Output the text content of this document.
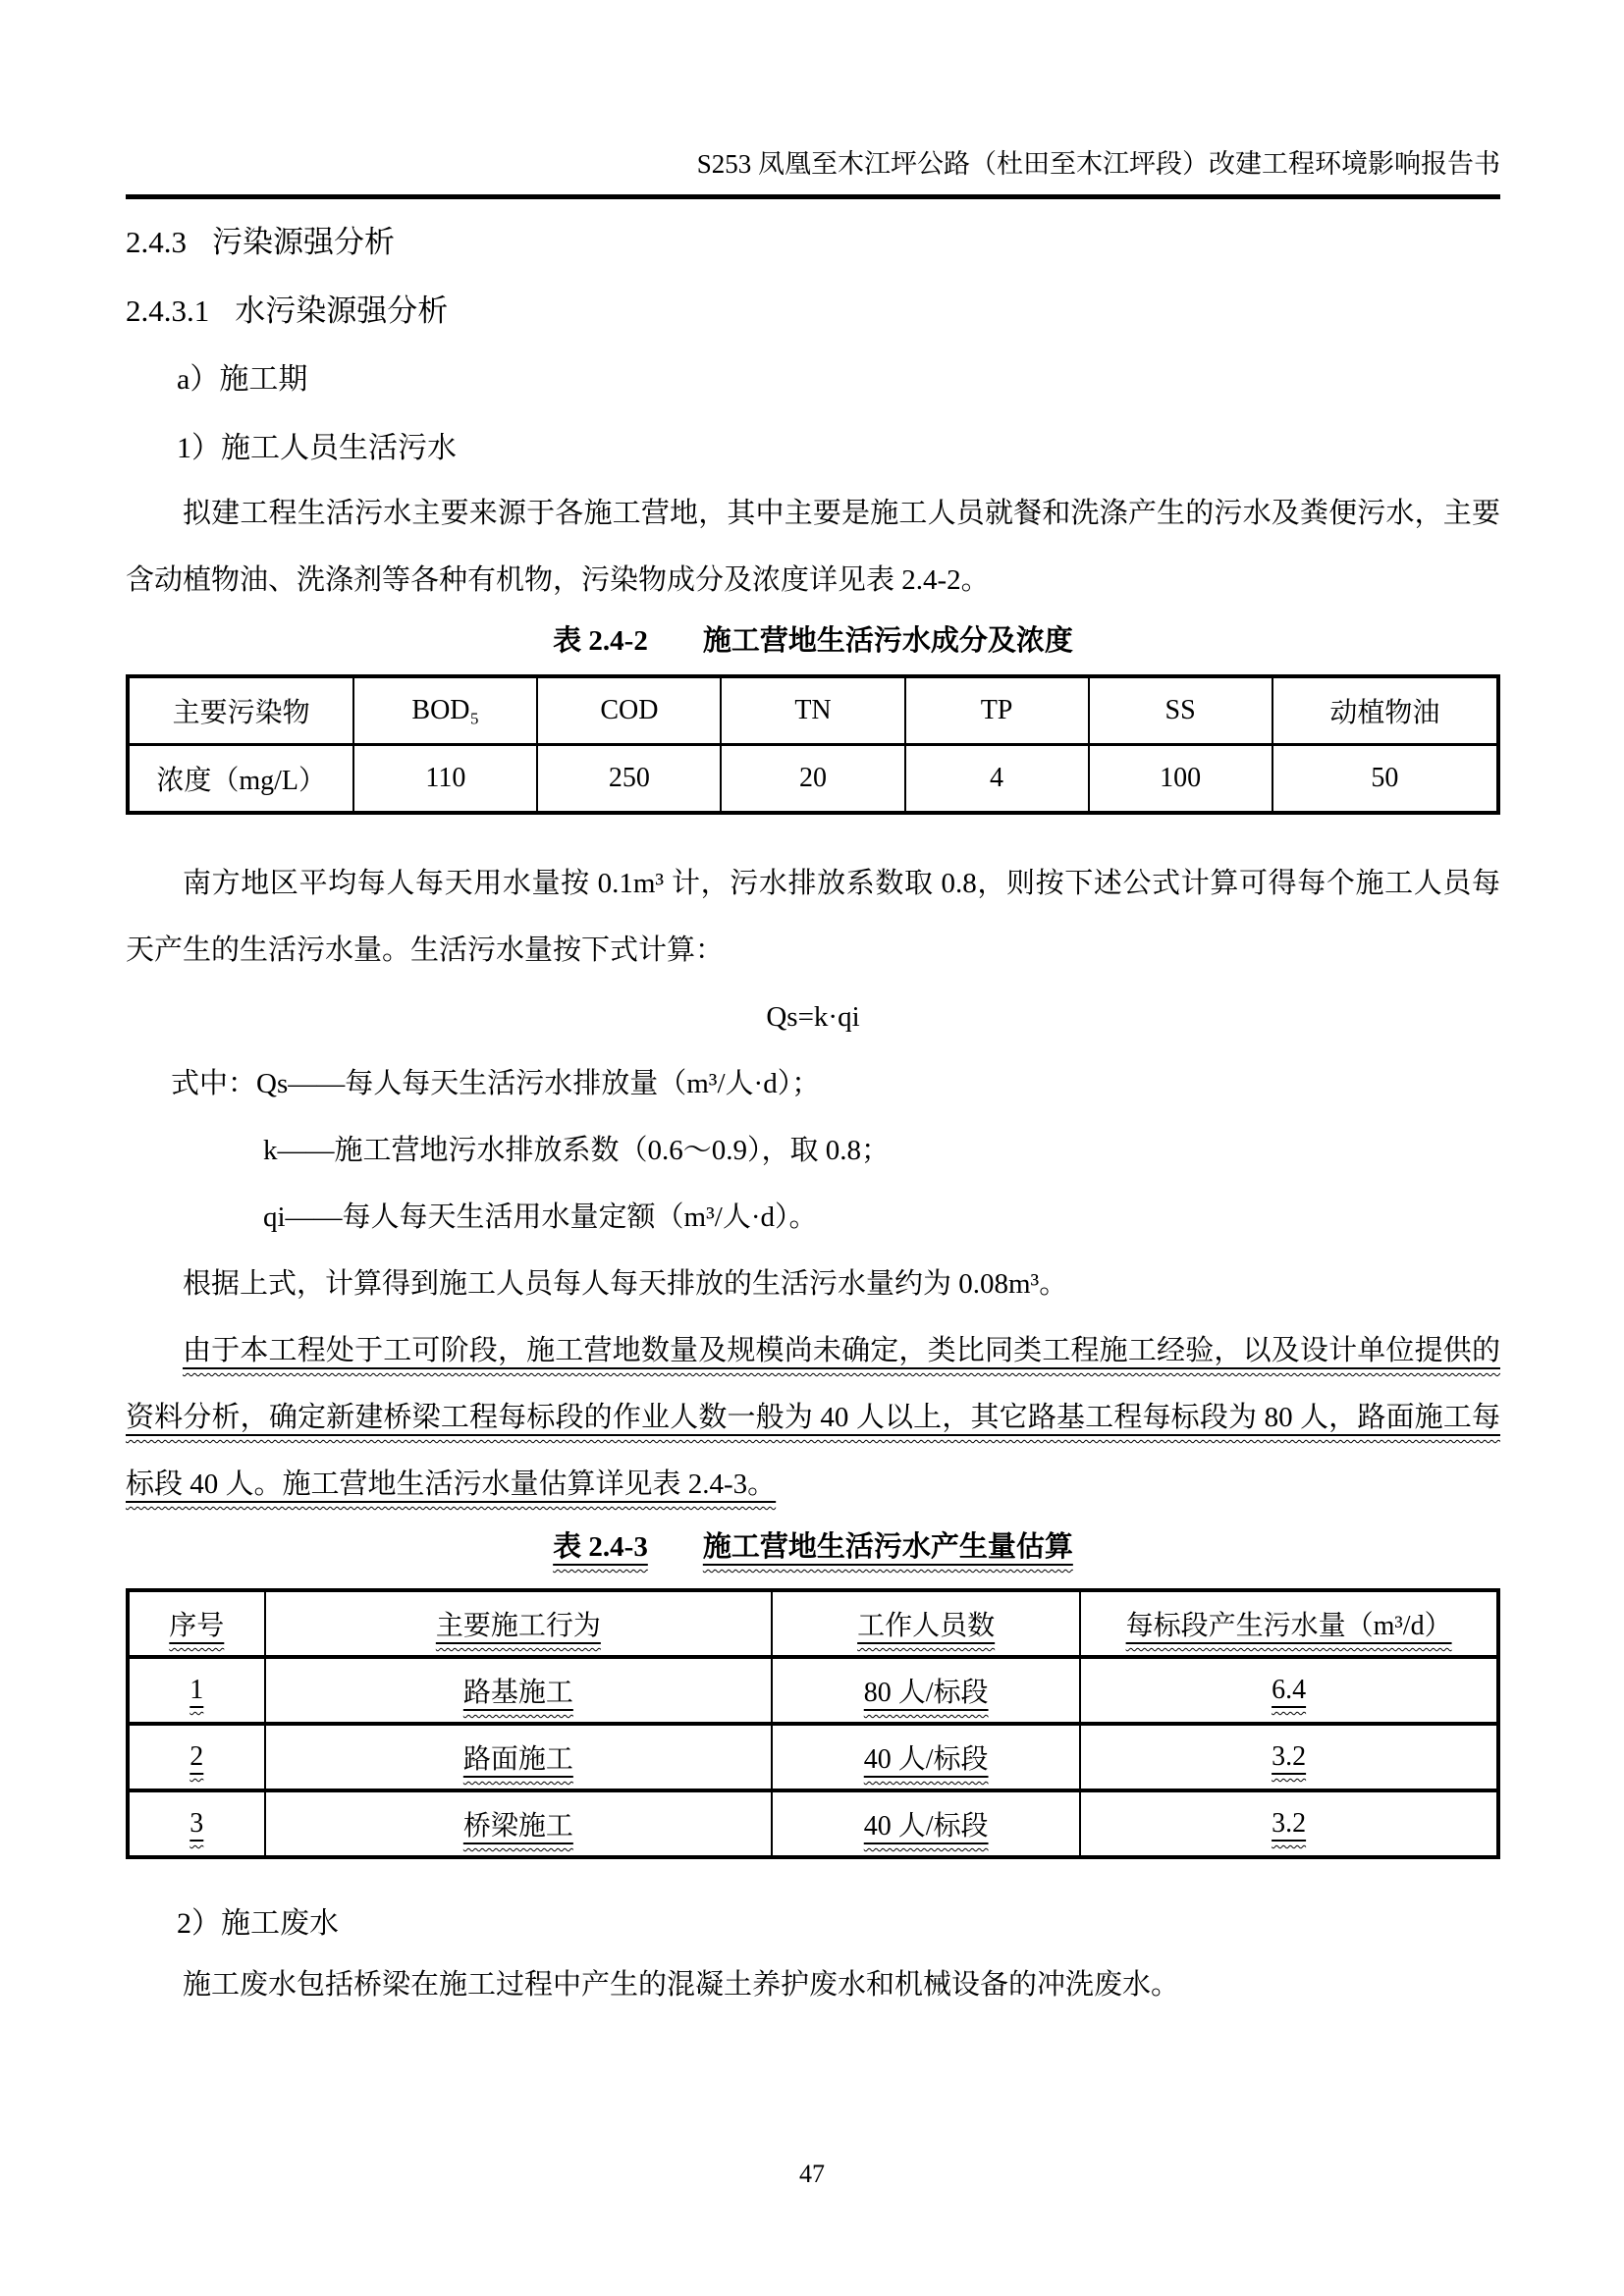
S253 凤凰至木江坪公路（杜田至木江坪段）改建工程环境影响报告书
2.4.3 污染源强分析
2.4.3.1 水污染源强分析
a）施工期
1）施工人员生活污水

拟建工程生活污水主要来源于各施工营地，其中主要是施工人员就餐和洗涤产生的污水及粪便污水，主要含动植物油、洗涤剂等各种有机物，污染物成分及浓度详见表 2.4-2。

表 2.4-2 施工营地生活污水成分及浓度
主要污染物	BOD₅	COD	TN	TP	SS	动植物油
浓度（mg/L）	110	250	20	4	100	50

南方地区平均每人每天用水量按 0.1m³ 计，污水排放系数取 0.8，则按下述公式计算可得每个施工人员每天产生的生活污水量。生活污水量按下式计算：

Qs=k·qi
式中：Qs——每人每天生活污水排放量（m³/人·d）；
k——施工营地污水排放系数（0.6～0.9），取 0.8；
qi——每人每天生活用水量定额（m³/人·d）。

根据上式，计算得到施工人员每人每天排放的生活污水量约为 0.08m³。

由于本工程处于工可阶段，施工营地数量及规模尚未确定，类比同类工程施工经验，以及设计单位提供的资料分析，确定新建桥梁工程每标段的作业人数一般为 40 人以上，其它路基工程每标段为 80 人，路面施工每标段 40 人。施工营地生活污水量估算详见表 2.4-3。

表 2.4-3 施工营地生活污水产生量估算
序号	主要施工行为	工作人员数	每标段产生污水量（m³/d）
1	路基施工	80 人/标段	6.4
2	路面施工	40 人/标段	3.2
3	桥梁施工	40 人/标段	3.2
2）施工废水

施工废水包括桥梁在施工过程中产生的混凝土养护废水和机械设备的冲洗废水。

47
